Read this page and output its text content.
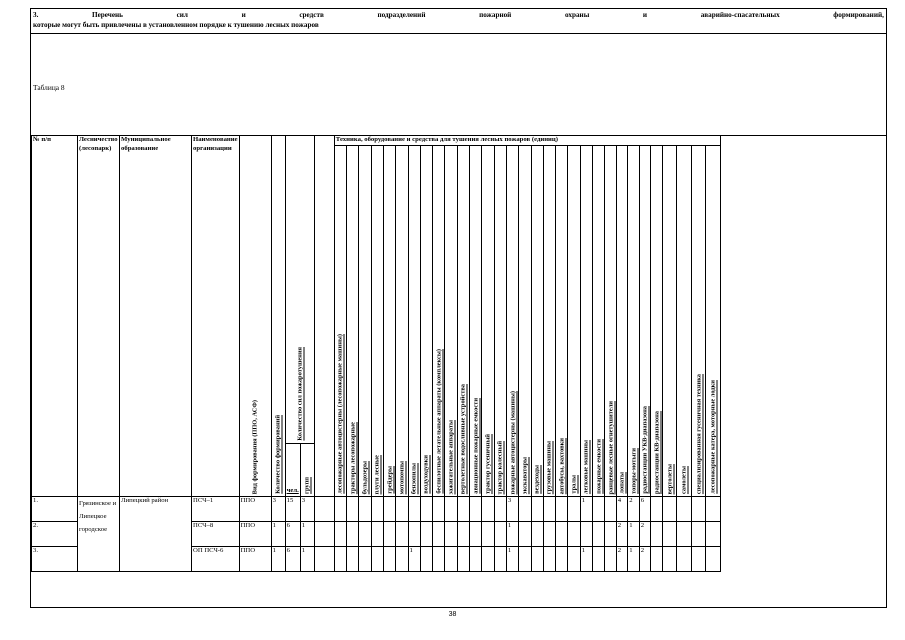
3.	Перечень	сил	и	средств	подразделений	пожарной	охраны	и	аварийно-спасательных	формирований,
которые могут быть привлечены в установленном порядке к тушению лесных пожаров
Таблица 8
№ п/п	Лесничество (лесопарк)	Муниципальное образование	Наименование организации	Вид формирования (ППО, АСФ)	Количество формирований	Количество сил пожаротушения			Техника, оборудование и средства для тушения лесных пожаров (единиц)																														

									лесопожарные автоцистерны (лесопожарные машины)	тракторы лесопожарные	бульдозеры	плуги лесные	грейдеры	мотопомпы	бензопилы	воздуходувки	беспилотные летательные аппараты (комплексы)	зажигательные аппараты	вертолетные водосливные устройства	авиационные пожарные емкости	трактор гусеничный	трактор колесный	пожарные автоцистерны (машины)	экскаваторы	вездеходы	грузовые машины	автобусы, вахтовки	тралы	легковые машины	пожарные емкости	ранцевые лесные огнетушители	лопаты	топоры-мотыги	радиостанции УКВ-диапазона	радиостанции КВ-диапазона	вертолеты	самолеты	специализированная гусеничная техника	лесопожарные катера, моторные лодки

						чел.	групп																																

1.	Грязинское и Липецкое городское	Липецкий район	ПСЧ–1	ППО	3	15	3																3						1			4	2	6					
2.			ПСЧ–8	ППО	1	6	1																1									2	1	2					
3.			ОП ПСЧ-6	ППО	1	6	1								1								1						1			2	1	2					
38
